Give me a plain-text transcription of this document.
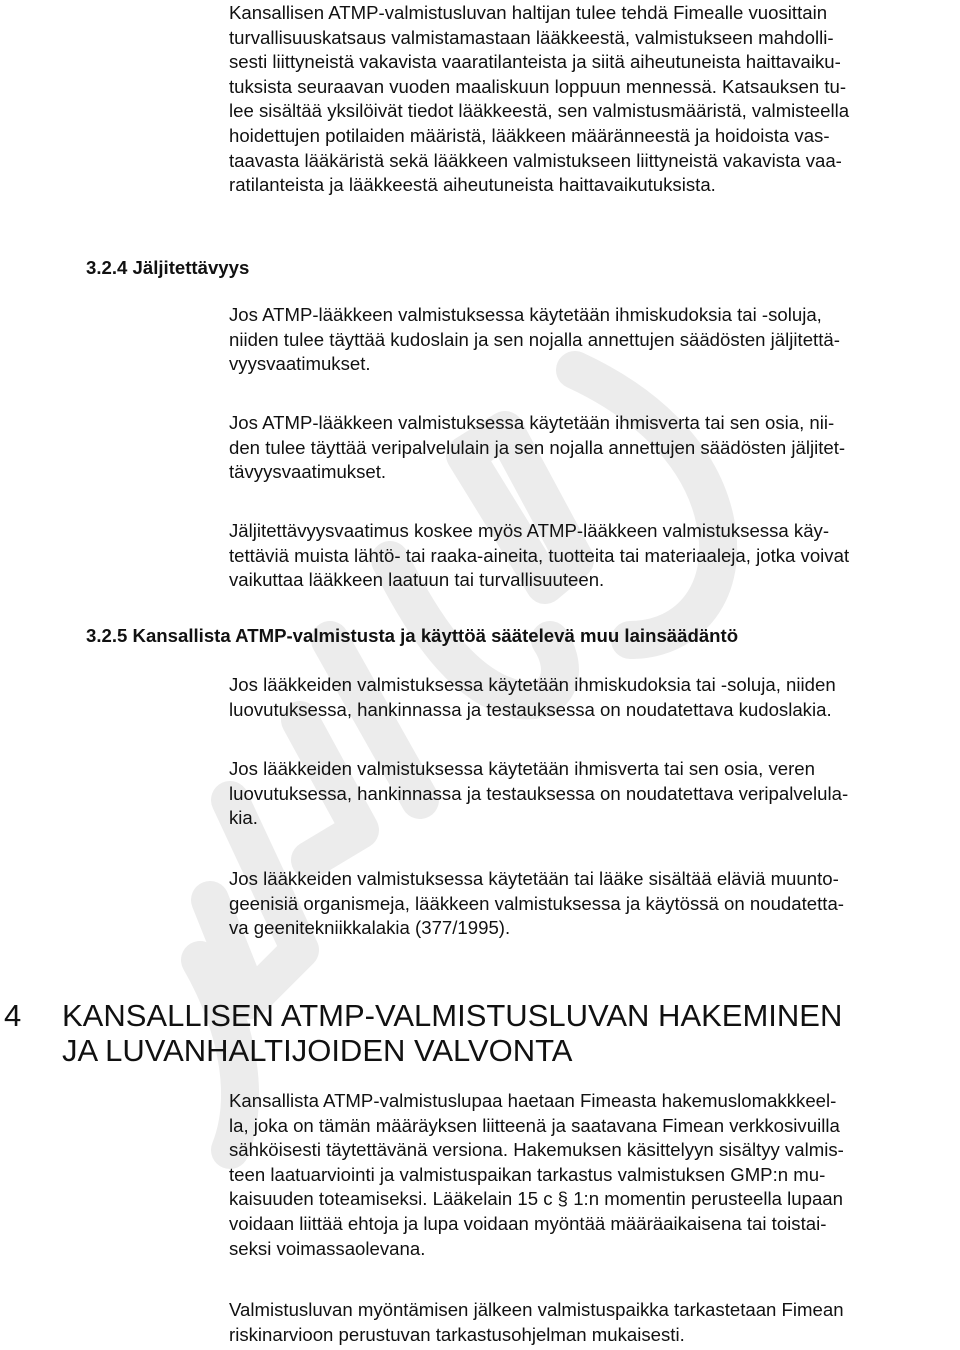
Kansallisen ATMP-valmistusluvan haltijan tulee tehdä Fimealle vuosittain
turvallisuuskatsaus valmistamastaan lääkkeestä, valmistukseen mahdolli-
sesti liittyneistä vakavista vaaratilanteista ja siitä aiheutuneista haittavaiku-
tuksista seuraavan vuoden maaliskuun loppuun mennessä. Katsauksen tu-
lee sisältää yksilöivät tiedot lääkkeestä, sen valmistusmääristä, valmisteella
hoidettujen potilaiden määristä, lääkkeen määränneestä ja hoidoista vas-
taavasta lääkäristä sekä lääkkeen valmistukseen liittyneistä vakavista vaa-
ratilanteista ja lääkkeestä aiheutuneista haittavaikutuksista.

3.2.4 Jäljitettävyys

Jos ATMP-lääkkeen valmistuksessa käytetään ihmiskudoksia tai -soluja,
niiden tulee täyttää kudoslain ja sen nojalla annettujen säädösten jäljitettä-
vyysvaatimukset.

Jos ATMP-lääkkeen valmistuksessa käytetään ihmisverta tai sen osia, nii-
den tulee täyttää veripalvelulain ja sen nojalla annettujen säädösten jäljitet-
tävyysvaatimukset.

Jäljitettävyysvaatimus koskee myös ATMP-lääkkeen valmistuksessa käy-
tettäviä muista lähtö- tai raaka-aineita, tuotteita tai materiaaleja, jotka voivat
vaikuttaa lääkkeen laatuun tai turvallisuuteen.

3.2.5 Kansallista ATMP-valmistusta ja käyttöä säätelevä muu lainsäädäntö

Jos lääkkeiden valmistuksessa käytetään ihmiskudoksia tai -soluja, niiden
luovutuksessa, hankinnassa ja testauksessa on noudatettava kudoslakia.

Jos lääkkeiden valmistuksessa käytetään ihmisverta tai sen osia, veren
luovutuksessa, hankinnassa ja testauksessa on noudatettava veripalvelula-
kia.

Jos lääkkeiden valmistuksessa käytetään tai lääke sisältää eläviä muunto-
geenisiä organismeja, lääkkeen valmistuksessa ja käytössä on noudatetta-
va geenitekniikkalakia (377/1995).

4 KANSALLISEN ATMP-VALMISTUSLUVAN HAKEMINEN
JA LUVANHALTIJOIDEN VALVONTA

Kansallista ATMP-valmistuslupaa haetaan Fimeasta hakemuslomakkkeel-
la, joka on tämän määräyksen liitteenä ja saatavana Fimean verkkosivuilla
sähköisesti täytettävänä versiona. Hakemuksen käsittelyyn sisältyy valmis-
teen laatuarviointi ja valmistuspaikan tarkastus valmistuksen GMP:n mu-
kaisuuden toteamiseksi. Lääkelain 15 c § 1:n momentin perusteella lupaan
voidaan liittää ehtoja ja lupa voidaan myöntää määräaikaisena tai toistai-
seksi voimassaolevana.

Valmistusluvan myöntämisen jälkeen valmistuspaikka tarkastetaan Fimean
riskinarvioon perustuvan tarkastusohjelman mukaisesti.
